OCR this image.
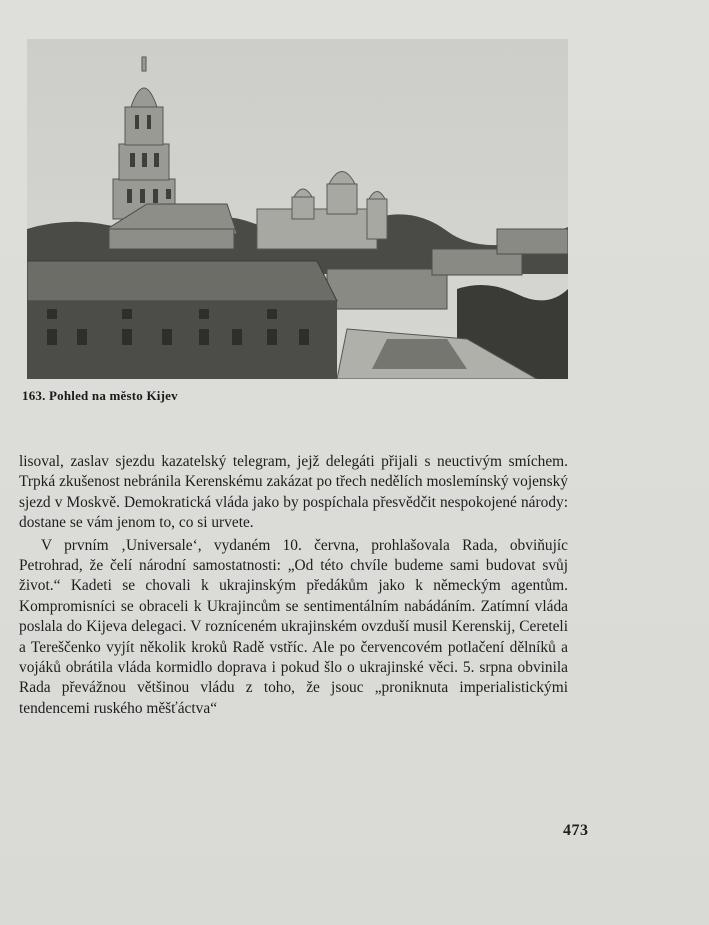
163. Pohled na město Kijev

lisoval, zaslav sjezdu kazatelský telegram, jejž delegáti přijali s neuctivým smíchem. Trpká zkušenost nebránila Kerenskému zakázat po třech nedělích moslemínský vojenský sjezd v Moskvě. Demokratická vláda jako by pospíchala přesvědčit nespokojené národy: dostane se vám jenom to, co si urvete.

V prvním ‚Universale‘, vydaném 10. června, prohlašovala Rada, obviňujíc Petrohrad, že čelí národní samostatnosti: „Od této chvíle budeme sami budovat svůj život.“ Kadeti se chovali k ukrajinským předákům jako k německým agentům. Kompromisníci se obraceli k Ukrajincům se sentimentálním nabádáním. Zatímní vláda poslala do Kijeva delegaci. V rozníceném ukrajinském ovzduší musil Kerenskij, Cereteli a Tereščenko vyjít několik kroků Radě vstříc. Ale po červencovém potlačení dělníků a vojáků obrátila vláda kormidlo doprava i pokud šlo o ukrajinské věci. 5. srpna obvinila Rada převážnou většinou vládu z toho, že jsouc „proniknuta imperialistickými tendencemi ruského měšťáctva“

473
